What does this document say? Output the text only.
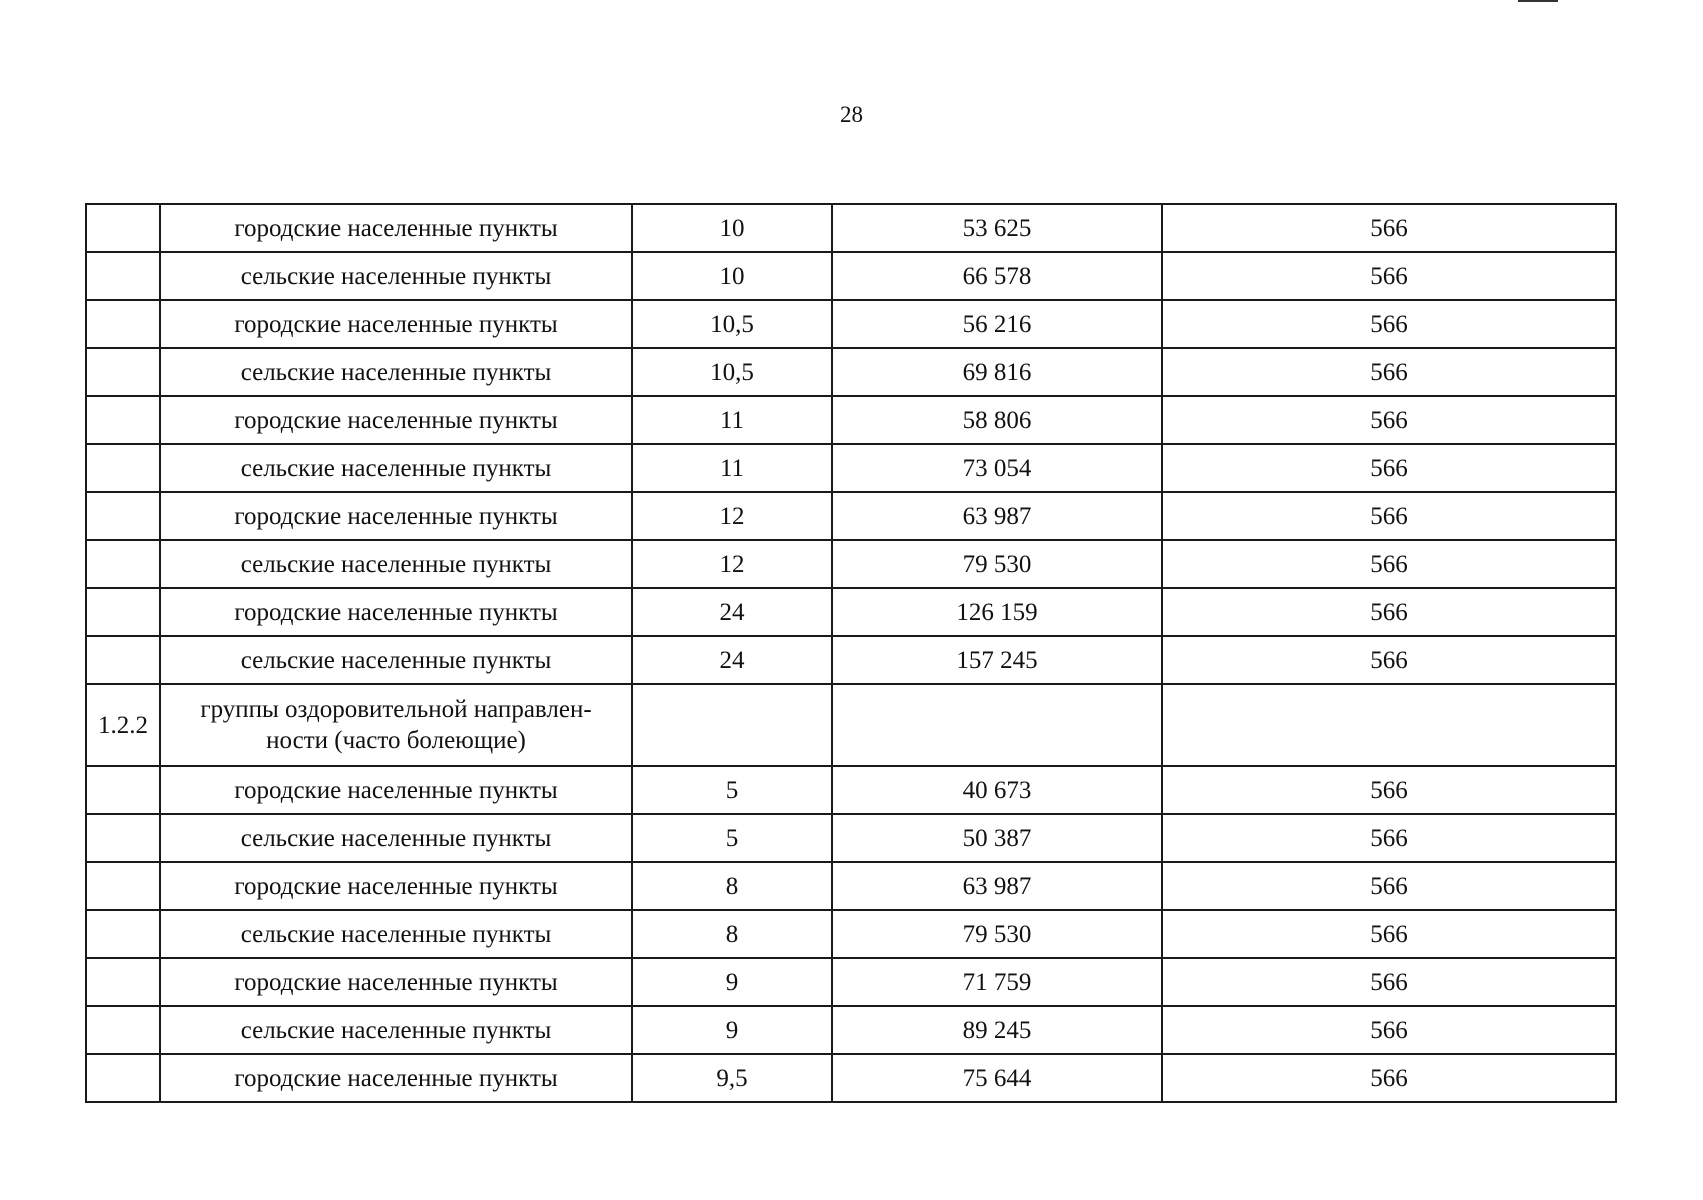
28
	городские населенные пункты	10	53 625	566
	сельские населенные пункты	10	66 578	566
	городские населенные пункты	10,5	56 216	566
	сельские населенные пункты	10,5	69 816	566
	городские населенные пункты	11	58 806	566
	сельские населенные пункты	11	73 054	566
	городские населенные пункты	12	63 987	566
	сельские населенные пункты	12	79 530	566
	городские населенные пункты	24	126 159	566
	сельские населенные пункты	24	157 245	566
1.2.2	группы оздоровительной направлен-
ности (часто болеющие)			
	городские населенные пункты	5	40 673	566
	сельские населенные пункты	5	50 387	566
	городские населенные пункты	8	63 987	566
	сельские населенные пункты	8	79 530	566
	городские населенные пункты	9	71 759	566
	сельские населенные пункты	9	89 245	566
	городские населенные пункты	9,5	75 644	566
